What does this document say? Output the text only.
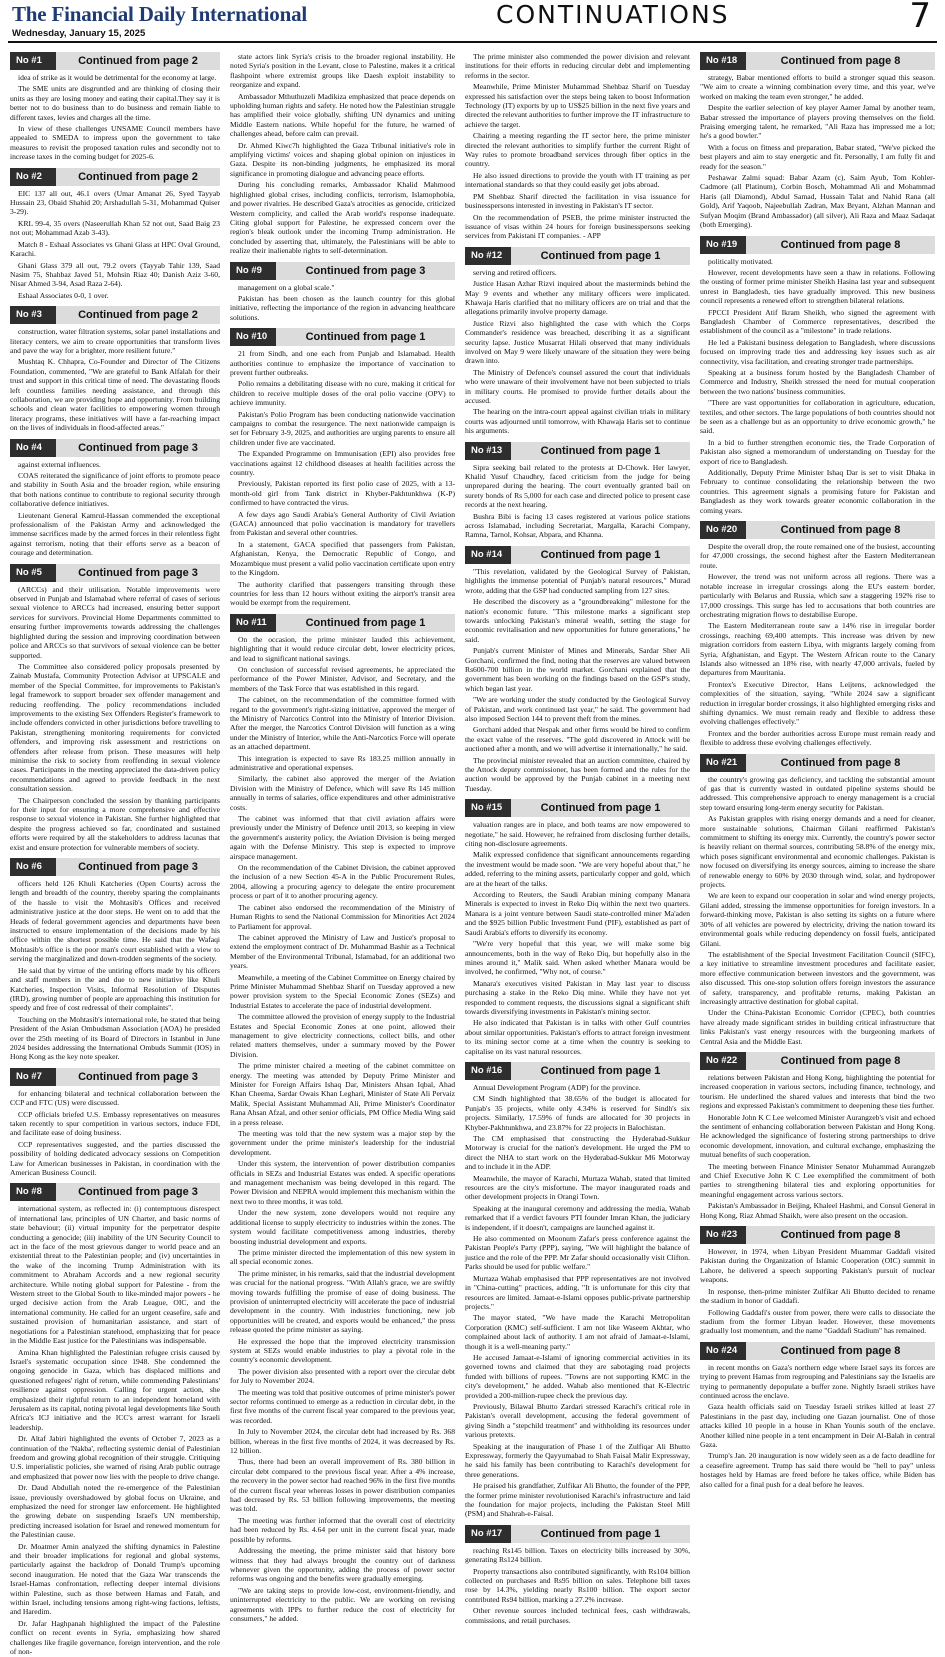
The Financial Daily International
Wednesday, January 15, 2025
CONTINUATIONS	7
No #1	Continued from page 2

idea of strike as it would be detrimental for the economy at large.

The SME units are disgruntled and are thinking of closing their units as they are losing money and eating their capital.They say it is better not to do business than to do business and remain liable to different taxes, levies and charges all the time.

In view of these challenges UNSAME Council members have appealed to SMEDA to impress upon the government to take measures to revisit the proposed taxation rules and secondly not to increase taxes in the coming budget for 2025-6.

No #2	Continued from page 2

EIC 137 all out, 46.1 overs (Umar Amanat 26, Syed Tayyab Hussain 23, Obaid Shahid 20; Arshadullah 5-31, Mohammad Quiser 3-29).

KRL 99-4, 35 overs (Naseerullah Khan 52 not out, Saad Baig 23 not out; Mohammad Azab 3-43).

Match 8 - Eshaal Associates vs Ghani Glass at HPC Oval Ground, Karachi.

Ghani Glass 379 all out, 79.2 overs (Tayyab Tahir 139, Saad Nasim 75, Shahbaz Javed 51, Mohsin Riaz 40; Danish Aziz 3-60, Nisar Ahmed 3-94, Asad Raza 2-64).

Eshaal Associates 0-0, 1 over.

No #3	Continued from page 2

construction, water filtration systems, solar panel installations and literacy centers, we aim to create opportunities that transform lives and pave the way for a brighter, more resilient future."

Mushtaq K. Chhapra, Co-Founder and Director of The Citizens Foundation, commented, "We are grateful to Bank Alfalah for their trust and support in this critical time of need. The devastating floods left countless families needing assistance, and through this collaboration, we are providing hope and opportunity. From building schools and clean water facilities to empowering women through literacy programs, these initiatives will have a far-reaching impact on the lives of individuals in flood-affected areas."

No #4	Continued from page 3

against external influences.

COAS reiterated the significance of joint efforts to promote peace and stability in South Asia and the broader region, while ensuring that both nations continue to contribute to regional security through collaborative defence initiatives.

Lieutenant General Kamrul-Hassan commended the exceptional professionalism of the Pakistan Army and acknowledged the immense sacrifices made by the armed forces in their relentless fight against terrorism, noting that their efforts serve as a beacon of courage and determination.

No #5	Continued from page 3

(ARCCs) and their utilisation. Notable improvements were observed in Punjab and Islamabad where referral of cases of serious sexual violence to ARCCs had increased, ensuring better support services for survivors. Provincial Home Departments committed to ensuring further improvements towards addressing the challenges highlighted during the session and improving coordination between police and ARCCs so that survivors of sexual violence can be better supported.

The Committee also considered policy proposals presented by Zainab Mustafa, Community Protection Advisor at UPSCALE and member of the Special Committee, for improvements to Pakistan's legal framework to support broader sex offender management and reducing reoffending. The policy recommendations included improvements to the existing Sex Offenders Register's framework to include offenders convicted in other jurisdictions before travelling to Pakistan, strengthening monitoring requirements for convicted offenders, and improving risk assessment and restrictions on offenders after release from prison. These measures will help minimise the risk to society from reoffending in sexual violence cases. Participants in the meeting appreciated the data-driven policy recommendations and agreed to provide feedback in the next consultation session.

The Chairperson concluded the session by thanking participants for their input for ensuring a more comprehensive and effective response to sexual violence in Pakistan. She further highlighted that despite the progress achieved so far, coordinated and sustained efforts were required by all the stakeholders to address lacunas that exist and ensure protection for vulnerable members of society.

No #6	Continued from page 3

officers held 126 Khuli Katcheries (Open Courts) across the length and breadth of the country, thereby sparing the complainants of the hassle to visit the Mohtasib's Offices and received administrative justice at the door steps. He went on to add that the Heads of federal government agencies and departments have been instructed to ensure implementation of the decisions made by his office within the shortest possible time. He said that the Wafaqi Mohtasib's office is the poor man's court established with a view to serving the marginalized and down-trodden segments of the society.

He said that by virtue of the untiring efforts made by his officers and staff members in the and due to new initiative like Khuli Katcheries, Inspection Visits, Informal Resolution of Disputes (IRD), growing number of people are approaching this institution for speedy and free of cost redressal of their complaints".

Touching on the Mohtasib's international role, he stated that being President of the Asian Ombudsman Association (AOA) he presided over the 25th meeting of its Board of Directors in Istanbul in June 2024 besides addressing the International Ombuds Summit (IOS) in Hong Kong as the key note speaker.

No #7	Continued from page 3

for enhancing bilateral and technical collaboration between the CCP and FTC (US) were discussed.

CCP officials briefed U.S. Embassy representatives on measures taken recently to spur competition in various sectors, induce FDI, and facilitate ease of doing business.

CCP representatives suggested, and the parties discussed the possibility of holding dedicated advocacy sessions on Competition Law for American businesses in Pakistan, in coordination with the American Business Council.

No #8	Continued from page 3

international system, as reflected in: (i) contemptuous disrespect of international law, principles of UN Charter, and basic norms of state behaviour; (ii) virtual impunity for the perpetrator despite conducting a genocide; (iii) inability of the UN Security Council to act in the face of the most grievous danger to world peace and an existential threat to the Palestinian people; and (iv) uncertainties in the wake of the incoming Trump Administration with its commitment to Abraham Accords and a new regional security architecture. While noting global support for Palestine - from the Western street to the Global South to like-minded major powers - he urged decisive action from the Arab League, OIC, and the international community. He called for an urgent ceasefire, safe and sustained provision of humanitarian assistance, and start of negotiations for a Palestinian statehood, emphasizing that for peace in the Middle East justice for the Palestinians was indispensable.

Amina Khan highlighted the Palestinian refugee crisis caused by Israel's systematic occupation since 1948. She condemned the ongoing genocide in Gaza, which has displaced millions and questioned refugees' right of return, while commending Palestinians' resilience against oppression. Calling for urgent action, she emphasized their rightful return to an independent homeland with Jerusalem as its capital, noting pivotal legal developments like South Africa's ICJ initiative and the ICC's arrest warrant for Israeli leadership.

Dr. Altaf Jabiri highlighted the events of October 7, 2023 as a continuation of the 'Nakba', reflecting systemic denial of Palestinian freedom and growing global recognition of their struggle. Critiquing U.S. imperialistic policies, she warned of rising Arab public outrage and emphasized that power now lies with the people to drive change.

Dr. Daud Abdullah noted the re-emergence of the Palestinian issue, previously overshadowed by global focus on Ukraine, and emphasized the need for stronger law enforcement. He highlighted the growing debate on suspending Israel's UN membership, predicting increased isolation for Israel and renewed momentum for the Palestinian cause.

Dr. Moatmer Amin analyzed the shifting dynamics in Palestine and their broader implications for regional and global systems, particularly against the backdrop of Donald Trump's upcoming second inauguration. He noted that the Gaza War transcends the Israel-Hamas confrontation, reflecting deeper internal divisions within Palestine, such as those between Hamas and Fatah, and within Israel, including tensions among right-wing factions, leftists, and Haredim.

Dr. Jafar Haghpanah highlighted the impact of the Palestine conflict on recent events in Syria, emphasizing how shared challenges like fragile governance, foreign intervention, and the role of non-

state actors link Syria's crisis to the broader regional instability. He noted Syria's position in the Levant, close to Palestine, makes it a critical flashpoint where extremist groups like Daesh exploit instability to reorganize and expand.

Ambassador Mthuthuzeli Madikiza emphasized that peace depends on upholding human rights and safety. He noted how the Palestinian struggle has amplified their voice globally, shifting UN dynamics and uniting Middle Eastern nations. While hopeful for the future, he warned of challenges ahead, before calm can prevail.

Dr. Ahmed Kiwc7h highlighted the Gaza Tribunal initiative's role in amplifying victims' voices and shaping global opinion on injustices in Gaza. Despite its non-binding judgments, he emphasized its moral significance in promoting dialogue and advancing peace efforts.

During his concluding remarks, Ambassador Khalid Mahmood highlighted global crises, including conflicts, terrorism, Islamophobia, and power rivalries. He described Gaza's atrocities as genocide, criticized Western complicity, and called the Arab world's response inadequate. Citing global support for Palestine, he expressed concern over the region's bleak outlook under the incoming Trump administration. He concluded by asserting that, ultimately, the Palestinians will be able to realize their inalienable rights to self-determination.

No #9	Continued from page 3

management on a global scale."

Pakistan has been chosen as the launch country for this global initiative, reflecting the importance of the region in advancing healthcare solutions.

No #10	Continued from page 1

21 from Sindh, and one each from Punjab and Islamabad. Health authorities continue to emphasize the importance of vaccination to prevent further outbreaks.

Polio remains a debilitating disease with no cure, making it critical for children to receive multiple doses of the oral polio vaccine (OPV) to achieve immunity.

Pakistan's Polio Program has been conducting nationwide vaccination campaigns to combat the resurgence. The next nationwide campaign is set for February 3-9, 2025, and authorities are urging parents to ensure all children under five are vaccinated.

The Expanded Programme on Immunisation (EPI) also provides free vaccinations against 12 childhood diseases at health facilities across the country.

Previously, Pakistan reported its first polio case of 2025, with a 13-month-old girl from Tank district in Khyber-Pakhtunkhwa (K-P) confirmed to have contracted the virus.

A few days ago Saudi Arabia's General Authority of Civil Aviation (GACA) announced that polio vaccination is mandatory for travellers from Pakistan and several other countries.

In a statement, GACA specified that passengers from Pakistan, Afghanistan, Kenya, the Democratic Republic of Congo, and Mozambique must present a valid polio vaccination certificate upon entry to the Kingdom.

The authority clarified that passengers transiting through these countries for less than 12 hours without exiting the airport's transit area would be exempt from the requirement.

No #11	Continued from page 1

On the occasion, the prime minister lauded this achievement, highlighting that it would reduce circular debt, lower electricity prices, and lead to significant national savings.

On conclusion of successful revised agreements, he appreciated the performance of the Power Minister, Advisor, and Secretary, and the members of the Task Force that was established in this regard.

The cabinet, on the recommendation of the committee formed with regard to the government's right-sizing initiative, approved the merger of the Ministry of Narcotics Control into the Ministry of Interior Division. After the merger, the Narcotics Control Division will function as a wing under the Ministry of Interior, while the Anti-Narcotics Force will operate as an attached department.

This integration is expected to save Rs 183.25 million annually in administrative and operational expenses.

Similarly, the cabinet also approved the merger of the Aviation Division with the Ministry of Defence, which will save Rs 145 million annually in terms of salaries, office expenditures and other administrative costs.

The cabinet was informed that that civil aviation affairs were previously under the Ministry of Defence until 2013, so keeping in view the government's austerity policy, the Aviation Division is being merged again with the Defense Ministry. This step is expected to improve airspace management.

On the recommendation of the Cabinet Division, the cabinet approved the inclusion of a new Section 45-A in the Public Procurement Rules, 2004, allowing a procuring agency to delegate the entire procurement process or part of it to another procuring agency.

The cabinet also endorsed the recommendation of the Ministry of Human Rights to send the National Commission for Minorities Act 2024 to Parliament for approval.

The cabinet approved the Ministry of Law and Justice's proposal to extend the employment contract of Dr. Muhammad Bashir as a Technical Member of the Environmental Tribunal, Islamabad, for an additional two years.

Meanwhile, a meeting of the Cabinet Committee on Energy chaired by Prime Minister Muhammad Shehbaz Sharif on Tuesday approved a new power provision system to the Special Economic Zones (SEZs) and Industrial Estates to accelerate the pace of industrial development.

The committee allowed the provision of energy supply to the Industrial Estates and Special Economic Zones at one point, allowed their management to give electricity connections, collect bills, and other related matters themselves, under a summary moved by the Power Division.

The prime minister chaired a meeting of the cabinet committee on energy. The meeting was attended by Deputy Prime Minister and Minister for Foreign Affairs Ishaq Dar, Ministers Ahsan Iqbal, Ahad Khan Cheema, Sardar Owais Khan Leghari, Minister of State Ali Pervaiz Malik, Special Assistant Muhammad Ali, Prime Minister's Coordinator Rana Ahsan Afzal, and other senior officials, PM Office Media Wing said in a press release.

The meeting was told that the new system was a major step by the government under the prime minister's leadership for the industrial development.

Under this system, the intervention of power distribution companies officials in SEZs and Industrial Estates was ended. A specific operations and management mechanism was being developed in this regard. The Power Division and NEPRA would implement this mechanism within the next two to three months, it was told.

Under the new system, zone developers would not require any additional license to supply electricity to industries within the zones. The system would facilitate competitiveness among industries, thereby boosting industrial development and exports.

The prime minister directed the implementation of this new system in all special economic zones.

The prime minister, in his remarks, said that the industrial development was crucial for the national progress. "With Allah's grace, we are swiftly moving towards fulfilling the promise of ease of doing business. The provision of uninterrupted electricity will accelerate the pace of industrial development in the country. With industries functioning, new job opportunities will be created, and exports would be enhanced," the press release quoted the prime minister as saying.

He expressed the hope that the improved electricity transmission system at SEZs would enable industries to play a pivotal role in the country's economic development.

The power division also presented with a report over the circular debt for July to November 2024.

The meeting was told that positive outcomes of prime minister's power sector reforms continued to emerge as a reduction in circular debt, in the first five months of the current fiscal year compared to the previous year, was recorded.

In July to November 2024, the circular debt had increased by Rs. 368 billion, whereas in the first five months of 2024, it was decreased by Rs. 12 billion.

Thus, there had been an overall improvement of Rs. 380 billion in circular debt compared to the previous fiscal year. After a 4% increase, the recovery in the power sector had reached 96% in the first five months of the current fiscal year whereas losses in power distribution companies had decreased by Rs. 53 billion following improvements, the meeting was told.

The meeting was further informed that the overall cost of electricity had been reduced by Rs. 4.64 per unit in the current fiscal year, made possible by reforms.

Addressing the meeting, the prime minister said that history bore witness that they had always brought the country out of darkness whenever given the opportunity, adding the process of power sector reforms was ongoing and the benefits were gradually emerging.

"We are taking steps to provide low-cost, environment-friendly, and uninterrupted electricity to the public. We are working on revising agreements with IPPs to further reduce the cost of electricity for consumers," he added.

The prime minister also commended the power division and relevant institutions for their efforts in reducing circular debt and implementing reforms in the sector.

Meanwhile, Prime Minister Muhammad Shehbaz Sharif on Tuesday expressed his satisfaction over the steps being taken to boost Information Technology (IT) exports by up to US$25 billion in the next five years and directed the relevant authorities to further improve the IT infrastructure to achieve the target.

Chairing a meeting regarding the IT sector here, the prime minister directed the relevant authorities to simplify further the current Right of Way rules to promote broadband services through fiber optics in the country.

He also issued directions to provide the youth with IT training as per international standards so that they could easily get jobs abroad.

PM Shehbaz Sharif directed the facilitation in visa issuance for businesspersons interested in investing in Pakistan's IT sector.

On the recommendation of PSEB, the prime minister instructed the issuance of visas within 24 hours for foreign businesspersons seeking services from Pakistani IT companies. - APP

No #12	Continued from page 1

serving and retired officers.

Justice Hasan Azhar Rizvi inquired about the masterminds behind the May 9 events and whether any military officers were implicated. Khawaja Haris clarified that no military officers are on trial and that the allegations primarily involve property damage.

Justice Rizvi also highlighted the case with which the Corps Commander's residence was breached, describing it as a significant security lapse. Justice Musarrat Hilali observed that many individuals involved on May 9 were likely unaware of the situation they were being drawn into.

The Ministry of Defence's counsel assured the court that individuals who were unaware of their involvement have not been subjected to trials in military courts. He promised to provide further details about the accused.

The hearing on the intra-court appeal against civilian trials in military courts was adjourned until tomorrow, with Khawaja Haris set to continue his arguments.

No #13	Continued from page 1

Sipra seeking bail related to the protests at D-Chowk. Her lawyer, Khalid Yusuf Chaudhry, faced criticism from the judge for being unprepared during the hearing. The court eventually granted bail on surety bonds of Rs 5,000 for each case and directed police to present case records at the next hearing.

Bushra Bibi is facing 13 cases registered at various police stations across Islamabad, including Secretariat, Margalla, Karachi Company, Ramna, Tarnol, Kohsar, Abpara, and Khanna.

No #14	Continued from page 1

"This revelation, validated by the Geological Survey of Pakistan, highlights the immense potential of Punjab's natural resources," Murad wrote, adding that the GSP had conducted sampling from 127 sites.

He described the discovery as a "groundbreaking" milestone for the nation's economic future. "This milestone marks a significant step towards unlocking Pakistan's mineral wealth, setting the stage for economic revitalisation and new opportunities for future generations," he said.

Punjab's current Minister of Mines and Minerals, Sardar Sher Ali Gorchani, confirmed the find, noting that the reserves are valued between Rs600-700 billion in the world market. Gorchani explained that the government has been working on the findings based on the GSP's study, which began last year.

"We are working under the study conducted by the Geological Survey of Pakistan, and work continued last year," he said. The government had also imposed Section 144 to prevent theft from the mines.

Gorchani added that Nespak and other firms would be hired to confirm the exact value of the reserves. "The gold discovered in Attock will be auctioned after a month, and we will advertise it internationally," he said.

The provincial minister revealed that an auction committee, chaired by the Attock deputy commissioner, has been formed and the rules for the auction would be approved by the Punjab cabinet in a meeting next Tuesday.

No #15	Continued from page 1

valuation ranges are in place, and both teams are now empowered to negotiate," he said. However, he refrained from disclosing further details, citing non-disclosure agreements.

Malik expressed confidence that significant announcements regarding the investment would be made soon. "We are very hopeful about that," he added, referring to the mining assets, particularly copper and gold, which are at the heart of the talks.

According to Reuters, the Saudi Arabian mining company Manara Minerals is expected to invest in Reko Diq within the next two quarters. Manara is a joint venture between Saudi state-controlled miner Ma'aden and the $925 billion Public Investment Fund (PIF), established as part of Saudi Arabia's efforts to diversify its economy.

"We're very hopeful that this year, we will make some big announcements, both in the way of Reko Diq, but hopefully also in the mines around it," Malik said. When asked whether Manara would be involved, he confirmed, "Why not, of course."

Manara's executives visited Pakistan in May last year to discuss purchasing a stake in the Reko Diq mine. While they have not yet responded to comment requests, the discussions signal a significant shift towards diversifying investments in Pakistan's mining sector.

He also indicated that Pakistan is in talks with other Gulf countries about similar opportunities. Pakistan's efforts to attract foreign investment to its mining sector come at a time when the country is seeking to capitalise on its vast natural resources.

No #16	Continued from page 1

Annual Development Program (ADP) for the province.

CM Sindh highlighted that 38.65% of the budget is allocated for Punjab's 35 projects, while only 4.34% is reserved for Sindh's six projects. Similarly, 17.59% of funds are allocated for 30 projects in Khyber-Pakhtunkhwa, and 23.87% for 22 projects in Balochistan.

The CM emphasised that constructing the Hyderabad-Sukkur Motorway is crucial for the nation's development. He urged the PM to direct the NHA to start work on the Hyderabad-Sukkur M6 Motorway and to include it in the ADP.

Meanwhile, the mayor of Karachi, Murtaza Wahab, stated that limited resources are the city's misfortune. The mayor inaugurated roads and other development projects in Orangi Town.

Speaking at the inaugural ceremony and addressing the media, Wahab remarked that if a verdict favours PTI founder Imran Khan, the judiciary is independent, if it doesn't, campaigns are launched against it.

He also commented on Moonum Zafar's press conference against the Pakistan People's Party (PPP), saying, "We will highlight the balance of justice and the role of the PPP. Mr Zafar should occasionally visit Clifton. Parks should be used for public welfare."

Murtaza Wahab emphasised that PPP representatives are not involved in "China-cutting" practices, adding, "It is unfortunate for this city that resources are limited. Jamaat-e-Islami opposes public-private partnership projects."

The mayor stated, "We have made the Karachi Metropolitan Corporation (KMC) self-sufficient. I am not like Waseem Akhtar, who complained about lack of authority. I am not afraid of Jamaat-e-Islami, though it is a well-meaning party."

He accused Jamaat-e-Islami of ignoring commercial activities in its governed towns and claimed that they are sabotaging road projects funded with billions of rupees. "Towns are not supporting KMC in the city's development," he added. Wahab also mentioned that K-Electric provided a 200-million-rupee check the previous day.

Previously, Bilawal Bhutto Zardari stressed Karachi's critical role in Pakistan's overall development, accusing the federal government of giving Sindh a "stepchild treatment" and withholding its resources under various pretexts.

Speaking at the inauguration of Phase 1 of the Zulfiqar Ali Bhutto Expressway, formerly the Qayyumabad to Shah Faisal Malir Expressway, he said his family has been contributing to Karachi's development for three generations.

He praised his grandfather, Zulfikar Ali Bhutto, the founder of the PPP, the former prime minister revolutionised Karachi's infrastructure and laid the foundation for major projects, including the Pakistan Steel Mill (PSM) and Shahrah-e-Faisal.

No #17	Continued from page 1

reaching Rs145 billion. Taxes on electricity bills increased by 30%, generating Rs124 billion.

Property transactions also contributed significantly, with Rs104 billion collected on purchases and Rs95 billion on sales. Telephone bill taxes rose by 14.3%, yielding nearly Rs100 billion. The export sector contributed Rs94 billion, marking a 27.2% increase.

Other revenue sources included technical fees, cash withdrawals, commissions, and retail purchases.

No #18	Continued from page 8

strategy, Babar mentioned efforts to build a stronger squad this season. "We aim to create a winning combination every time, and this year, we've worked on making the team even stronger," he added.

Despite the earlier selection of key player Aamer Jamal by another team, Babar stressed the importance of players proving themselves on the field. Praising emerging talent, he remarked, "Ali Raza has impressed me a lot; he's a good bowler."

With a focus on fitness and preparation, Babar stated, "We've picked the best players and aim to stay energetic and fit. Personally, I am fully fit and ready for the season."

Peshawar Zalmi squad: Babar Azam (c), Saim Ayub, Tom Kohler-Cadmore (all Platinum), Corbin Bosch, Mohammad Ali and Mohammad Haris (all Diamond), Abdul Samad, Hussain Talat and Nahid Rana (all Gold), Arif Yaqoob, Najeebullah Zadran, Max Bryant, Alzhan Mannan and Sufyan Moqim (Brand Ambassador) (all silver), Ali Raza and Maaz Sadaqat (both Emerging).

No #19	Continued from page 8

politically motivated.

However, recent developments have seen a thaw in relations. Following the ousting of former prime minister Sheikh Hasina last year and subsequent unrest in Bangladesh, ties have gradually improved. This new business council represents a renewed effort to strengthen bilateral relations.

FPCCI President Atif Ikram Sheikh, who signed the agreement with Bangladesh Chamber of Commerce representatives, described the establishment of the council as a "milestone" in trade relations.

He led a Pakistani business delegation to Bangladesh, where discussions focused on improving trade ties and addressing key issues such as air connectivity, visa facilitation, and creating stronger trade partnerships.

Speaking at a business forum hosted by the Bangladesh Chamber of Commerce and Industry, Sheikh stressed the need for mutual cooperation between the two nations' business communities.

"There are vast opportunities for collaboration in agriculture, education, textiles, and other sectors. The large populations of both countries should not be seen as a challenge but as an opportunity to drive economic growth," he said.

In a bid to further strengthen economic ties, the Trade Corporation of Pakistan also signed a memorandum of understanding on Tuesday for the export of rice to Bangladesh.

Additionally, Deputy Prime Minister Ishaq Dar is set to visit Dhaka in February to continue consolidating the relationship between the two countries. This agreement signals a promising future for Pakistan and Bangladesh as they work towards greater economic collaboration in the coming years.

No #20	Continued from page 8

Despite the overall drop, the route remained one of the busiest, accounting for 47,000 crossings, the second highest after the Eastern Mediterranean route.

However, the trend was not uniform across all regions. There was a notable increase in irregular crossings along the EU's eastern border, particularly with Belarus and Russia, which saw a staggering 192% rise to 17,000 crossings. This surge has led to accusations that both countries are orchestrating migration flows to destabilise Europe.

The Eastern Mediterranean route saw a 14% rise in irregular border crossings, reaching 69,400 attempts. This increase was driven by new migration corridors from eastern Libya, with migrants largely coming from Syria, Afghanistan, and Egypt. The Western African route to the Canary Islands also witnessed an 18% rise, with nearly 47,000 arrivals, fueled by departures from Mauritania.

Frontex's Executive Director, Hans Leijtens, acknowledged the complexities of the situation, saying, "While 2024 saw a significant reduction in irregular border crossings, it also highlighted emerging risks and shifting dynamics. We must remain ready and flexible to address these evolving challenges effectively."

Frontex and the border authorities across Europe must remain ready and flexible to address these evolving challenges effectively.

No #21	Continued from page 8

the country's growing gas deficiency, and tackling the substantial amount of gas that is currently wasted in outdated pipeline systems should be addressed. This comprehensive approach to energy management is a crucial step toward ensuring long-term energy security for Pakistan.

As Pakistan grapples with rising energy demands and a need for cleaner, more sustainable solutions, Chairman Gilani reaffirmed Pakistan's commitment to shifting its energy mix. Currently, the country's power sector is heavily reliant on thermal sources, contributing 58.8% of the energy mix, which poses significant environmental and economic challenges. Pakistan is now focused on diversifying its energy sources, aiming to increase the share of renewable energy to 60% by 2030 through wind, solar, and hydropower projects.

We are keen to expand our cooperation in solar and wind energy projects, Gilani added, stressing the immense opportunities for foreign investors. In a forward-thinking move, Pakistan is also setting its sights on a future where 30% of all vehicles are powered by electricity, driving the nation toward its environmental goals while reducing dependency on fossil fuels, anticipated Gilani.

The establishment of the Special Investment Facilitation Council (SIFC), a key initiative to streamline investment procedures and facilitate easier, more effective communication between investors and the government, was also discussed. This one-stop solution offers foreign investors the assurance of safety, transparency, and profitable returns, making Pakistan an increasingly attractive destination for global capital.

Under the China-Pakistan Economic Corridor (CPEC), both countries have already made significant strides in building critical infrastructure that links Pakistan's vast energy resources with the burgeoning markets of Central Asia and the Middle East.

No #22	Continued from page 8

relations between Pakistan and Hong Kong, highlighting the potential for increased cooperation in various sectors, including finance, technology, and tourism. He underlined the shared values and interests that bind the two regions and expressed Pakistan's commitment to deepening these ties further.

Honorable John K C Lee welcomed Minister Aurangzeb's visit and echoed the sentiment of enhancing collaboration between Pakistan and Hong Kong. He acknowledged the significance of fostering strong partnerships to drive economic development, innovation, and cultural exchange, emphasizing the mutual benefits of such cooperation.

The meeting between Finance Minister Senator Muhammad Aurangzeb and Chief Executive John K C Lee exemplified the commitment of both parties to strengthening bilateral ties and exploring opportunities for meaningful engagement across various sectors.

Pakistan's Ambassador in Beijing, Khaleel Hashmi, and Consul General in Hong Kong, Riaz Ahmad Shaikh, were also present on the occasion.

No #23	Continued from page 8

However, in 1974, when Libyan President Muammar Gaddafi visited Pakistan during the Organization of Islamic Cooperation (OIC) summit in Lahore, he delivered a speech supporting Pakistan's pursuit of nuclear weapons.

In response, then-prime minister Zulfikar Ali Bhutto decided to rename the stadium in honor of Gaddafi.

Following Gaddafi's ouster from power, there were calls to dissociate the stadium from the former Libyan leader. However, these movements gradually lost momentum, and the name "Gaddafi Stadium" has remained.

No #24	Continued from page 8

in recent months on Gaza's northern edge where Israel says its forces are trying to prevent Hamas from regrouping and Palestinians say the Israelis are trying to permanently depopulate a buffer zone. Nightly Israeli strikes have continued across the enclave.

Gaza health officials said on Tuesday Israeli strikes killed at least 27 Palestinians in the past day, including one Gazan journalist. One of those attacks killed 10 people in a house in Khan Younis south of the enclave. Another killed nine people in a tent encampment in Deir Al-Balah in central Gaza.

Trump's Jan. 20 inauguration is now widely seen as a de facto deadline for a ceasefire agreement. Trump has said there would be "hell to pay" unless hostages held by Hamas are freed before he takes office, while Biden has also called for a final push for a deal before he leaves.
